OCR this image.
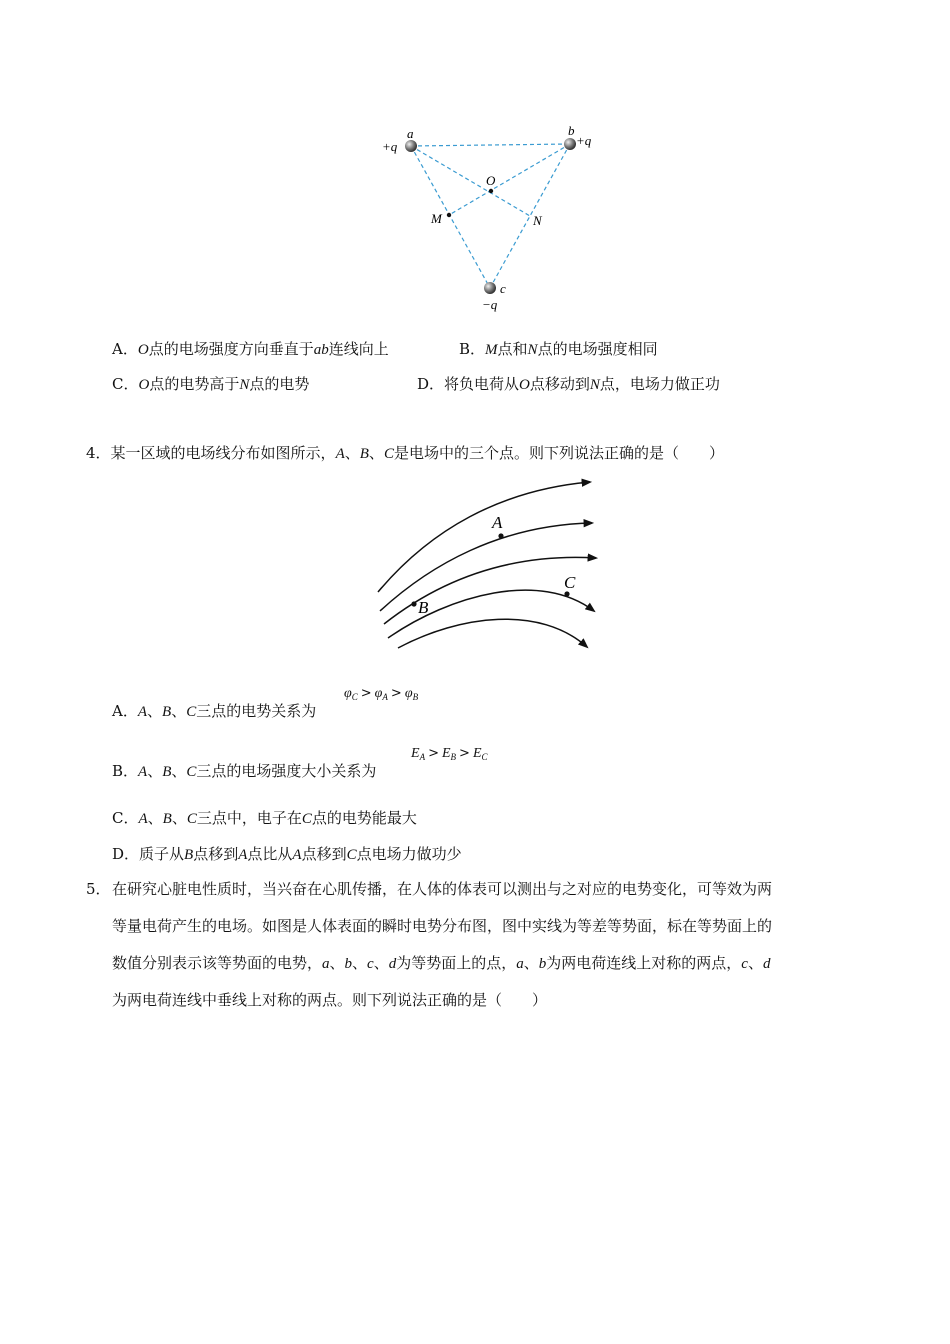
a
+q
b
+q
O
M	N
c
−q
A．O点的电场强度方向垂直于ab连线向上	B．M点和N点的电场强度相同
C．O点的电势高于N点的电势	D．将负电荷从O点移动到N点，电场力做正功
4．某一区域的电场线分布如图所示，A、B、C是电场中的三个点。则下列说法正确的是（　　）
A
B
C
A．A、B、C三点的电势关系为
$\varphi_C > \varphi_A > \varphi_B$
B．A、B、C三点的电场强度大小关系为
$E_A > E_B > E_C$
C．A、B、C三点中，电子在C点的电势能最大
D．质子从B点移到A点比从A点移到C点电场力做功少
5． 在研究心脏电性质时，当兴奋在心肌传播，在人体的体表可以测出与之对应的电势变化，可等效为两
等量电荷产生的电场。如图是人体表面的瞬时电势分布图，图中实线为等差等势面，标在等势面上的
数值分别表示该等势面的电势，a、b、c、d为等势面上的点，a、b为两电荷连线上对称的两点，c、d
为两电荷连线中垂线上对称的两点。则下列说法正确的是（　　）
